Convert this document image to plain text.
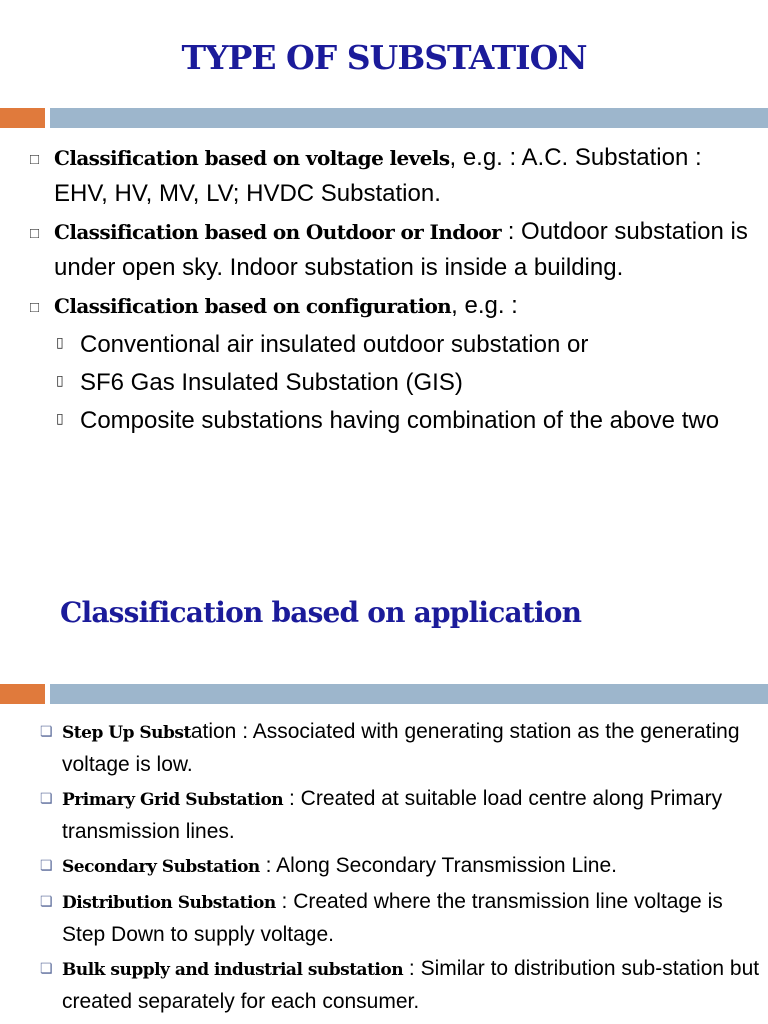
TYPE OF SUBSTATION
□ Classification based on voltage levels, e.g. : A.C. Substation : EHV, HV, MV, LV; HVDC Substation.
□ Classification based on Outdoor or Indoor : Outdoor substation is under open sky. Indoor substation is inside a building.
□ Classification based on configuration, e.g. :
▯ Conventional air insulated outdoor substation or
▯ SF6 Gas Insulated Substation (GIS)
▯ Composite substations having combination of the above two
Classification based on application
❏ Step Up Substation : Associated with generating station as the generating voltage is low.
❏ Primary Grid Substation : Created at suitable load centre along Primary transmission lines.
❏ Secondary Substation : Along Secondary Transmission Line.
❏ Distribution Substation : Created where the transmission line voltage is Step Down to supply voltage.
❏ Bulk supply and industrial substation : Similar to distribution sub-station but created separately for each consumer.
